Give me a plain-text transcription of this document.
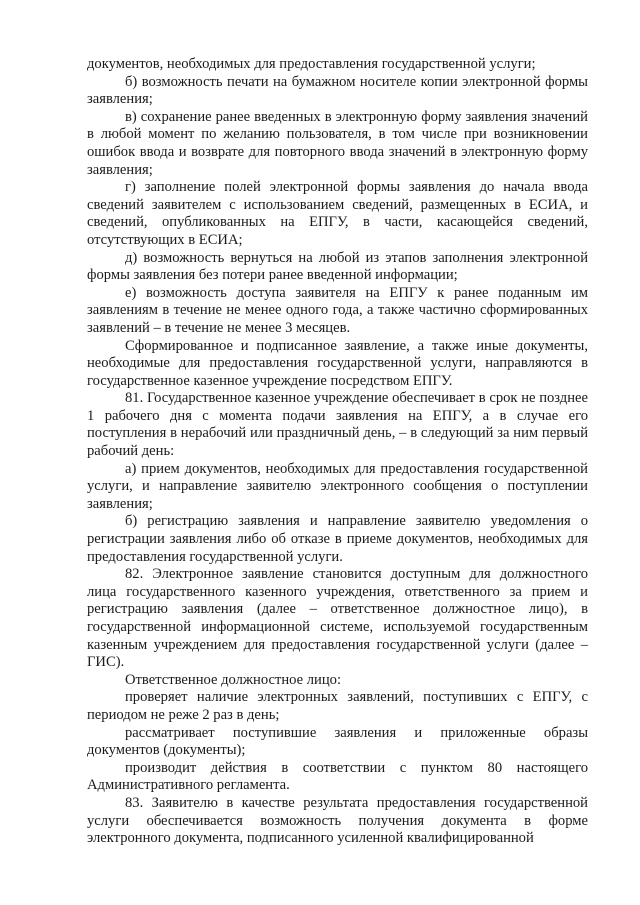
документов, необходимых для предоставления государственной услуги;

б) возможность печати на бумажном носителе копии электронной формы заявления;

в) сохранение ранее введенных в электронную форму заявления значений в любой момент по желанию пользователя, в том числе при возникновении ошибок ввода и возврате для повторного ввода значений в электронную форму заявления;

г) заполнение полей электронной формы заявления до начала ввода сведений заявителем с использованием сведений, размещенных в ЕСИА, и сведений, опубликованных на ЕПГУ, в части, касающейся сведений, отсутствующих в ЕСИА;

д) возможность вернуться на любой из этапов заполнения электронной формы заявления без потери ранее введенной информации;

е) возможность доступа заявителя на ЕПГУ к ранее поданным им заявлениям в течение не менее одного года, а также частично сформированных заявлений – в течение не менее 3 месяцев.

Сформированное и подписанное заявление, а также иные документы, необходимые для предоставления государственной услуги, направляются в государственное казенное учреждение посредством ЕПГУ.

81. Государственное казенное учреждение обеспечивает в срок не позднее 1 рабочего дня с момента подачи заявления на ЕПГУ, а в случае его поступления в нерабочий или праздничный день, – в следующий за ним первый рабочий день:

а) прием документов, необходимых для предоставления государственной услуги, и направление заявителю электронного сообщения о поступлении заявления;

б) регистрацию заявления и направление заявителю уведомления о регистрации заявления либо об отказе в приеме документов, необходимых для предоставления государственной услуги.

82. Электронное заявление становится доступным для должностного лица государственного казенного учреждения, ответственного за прием и регистрацию заявления (далее – ответственное должностное лицо), в государственной информационной системе, используемой государственным казенным учреждением для предоставления государственной услуги (далее – ГИС).

Ответственное должностное лицо:

проверяет наличие электронных заявлений, поступивших с ЕПГУ, с периодом не реже 2 раз в день;

рассматривает поступившие заявления и приложенные образы документов (документы);

производит действия в соответствии с пунктом 80 настоящего Административного регламента.

83. Заявителю в качестве результата предоставления государственной услуги обеспечивается возможность получения документа в форме электронного документа, подписанного усиленной квалифицированной
